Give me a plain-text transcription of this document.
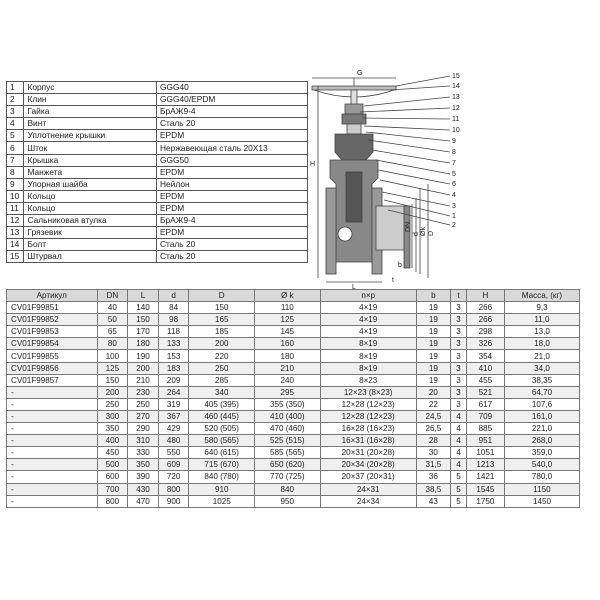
1	Корпус	GGG40
2	Клин	GGG40/EPDM
3	Гайка	БрАЖ9-4
4	Винт	Сталь 20
5	Уплотнение крышки	EPDM
6	Шток	Нержавеющая сталь 20Х13
7	Крышка	GGG50
8	Манжета	EPDM
9	Упорная шайба	Нейлон
10	Кольцо	EPDM
11	Кольцо	EPDM
12	Сальниковая втулка	БрАЖ9-4
13	Грязевик	EPDM
14	Болт	Сталь 20
15	Штурвал	Сталь 20
G
H
L
t
b
DN
d Øk D
15
14
13
12
11
10
9
8
7
5
6
4
3
1
2
Артикул	DN	L	d	D	Ø k	n×p	b	t	H	Масса, (кг)
CV01F99851	40	140	84	150	110	4×19	19	3	266	9,3
CV01F99852	50	150	98	165	125	4×19	19	3	266	11,0
CV01F99853	65	170	118	185	145	4×19	19	3	298	13,0
CV01F99854	80	180	133	200	160	8×19	19	3	326	18,0
CV01F99855	100	190	153	220	180	8×19	19	3	354	21,0
CV01F99856	125	200	183	250	210	8×19	19	3	410	34,0
CV01F99857	150	210	209	285	240	8×23	19	3	455	38,35
-	200	230	264	340	295	12×23 (8×23)	20	3	521	64,70
-	250	250	319	405 (395)	355 (350)	12×28 (12×23)	22	3	617	107,6
-	300	270	367	460 (445)	410 (400)	12×28 (12×23)	24,5	4	709	161,0
-	350	290	429	520 (505)	470 (460)	16×28 (16×23)	26,5	4	885	221,0
-	400	310	480	580 (565)	525 (515)	16×31 (16×28)	28	4	951	268,0
-	450	330	550	640 (615)	585 (565)	20×31 (20×28)	30	4	1051	359,0
-	500	350	609	715 (670)	650 (620)	20×34 (20×28)	31,5	4	1213	540,0
-	600	390	720	840 (780)	770 (725)	20×37 (20×31)	36	5	1421	780,0
-	700	430	800	910	840	24×31	38,5	5	1545	1150
-	800	470	900	1025	950	24×34	43	5	1750	1450
